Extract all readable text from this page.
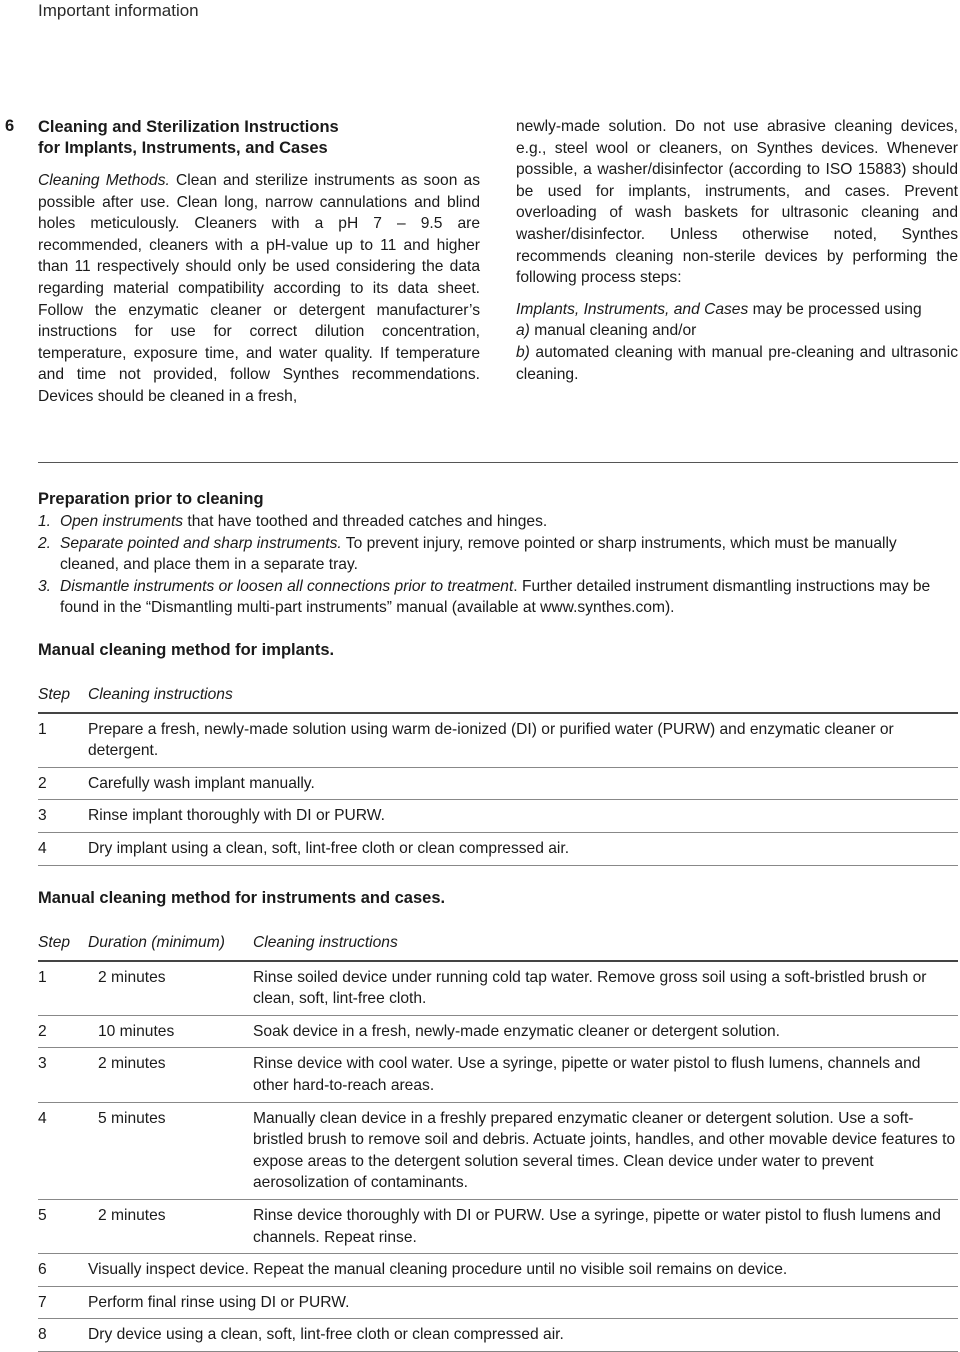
Important information
6 Cleaning and Sterilization Instructions
for Implants, Instruments, and Cases

Cleaning Methods. Clean and sterilize instruments as soon as possible after use. Clean long, narrow cannulations and blind holes meticulously. Cleaners with a pH 7 – 9.5 are recommended, cleaners with a pH-value up to 11 and higher than 11 respectively should only be used considering the data regarding material compatibility according to its data sheet. Follow the enzymatic cleaner or detergent manufacturer’s instructions for use for correct dilution concentration, temperature, exposure time, and water quality. If temperature and time not provided, follow Synthes recommendations. Devices should be cleaned in a fresh,

newly-made solution. Do not use abrasive cleaning devices, e.g., steel wool or cleaners, on Synthes devices. Whenever possible, a washer/disinfector (according to ISO 15883) should be used for implants, instruments, and cases. Prevent overloading of wash baskets for ultrasonic cleaning and washer/disinfector. Unless otherwise noted, Synthes recommends cleaning non-sterile devices by performing the following process steps:

Implants, Instruments, and Cases may be processed using
a) manual cleaning and/or
b) automated cleaning with manual pre-cleaning and ultrasonic cleaning.

Preparation prior to cleaning
1. Open instruments that have toothed and threaded catches and hinges.
2. Separate pointed and sharp instruments. To prevent injury, remove pointed or sharp instruments, which must be manually cleaned, and place them in a separate tray.
3. Dismantle instruments or loosen all connections prior to treatment. Further detailed instrument dismantling instructions may be found in the “Dismantling multi-part instruments” manual (available at www.synthes.com).
Manual cleaning method for implants.
Step	Cleaning instructions
1	Prepare a fresh, newly-made solution using warm de-ionized (DI) or purified water (PURW) and enzymatic cleaner or detergent.
2	Carefully wash implant manually.
3	Rinse implant thoroughly with DI or PURW.
4	Dry implant using a clean, soft, lint-free cloth or clean compressed air.
Manual cleaning method for instruments and cases.
Step	Duration (minimum)	Cleaning instructions
1	2 minutes	Rinse soiled device under running cold tap water. Remove gross soil using a soft-bristled brush or clean, soft, lint-free cloth.
2	10 minutes	Soak device in a fresh, newly-made enzymatic cleaner or detergent solution.
3	2 minutes	Rinse device with cool water. Use a syringe, pipette or water pistol to flush lumens, channels and other hard-to-reach areas.
4	5 minutes	Manually clean device in a freshly prepared enzymatic cleaner or detergent solution. Use a soft-bristled brush to remove soil and debris. Actuate joints, handles, and other movable device features to expose areas to the detergent solution several times. Clean device under water to prevent aerosolization of contaminants.
5	2 minutes	Rinse device thoroughly with DI or PURW. Use a syringe, pipette or water pistol to flush lumens and channels. Repeat rinse.
6	Visually inspect device. Repeat the manual cleaning procedure until no visible soil remains on device.	
7	Perform final rinse using DI or PURW.	
8	Dry device using a clean, soft, lint-free cloth or clean compressed air.	
